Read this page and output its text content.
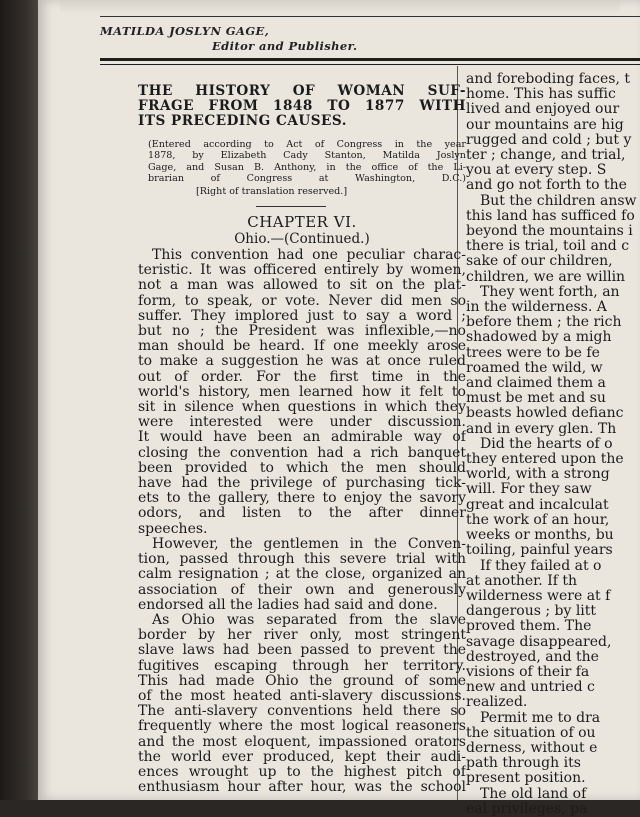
MATILDA JOSLYN GAGE,
Editor and Publisher.
THE HISTORY OF WOMAN SUF-
FRAGE FROM 1848 TO 1877 WITH
ITS PRECEDING CAUSES.
(Entered according to Act of Congress in the year
1878, by Elizabeth Cady Stanton, Matilda Joslyn
Gage, and Susan B. Anthony, in the office of the Li-
brarian of Congress at Washington, D.C.)
[Right of translation reserved.]
CHAPTER VI.
Ohio.—(Continued.)
This convention had one peculiar charac-
teristic. It was officered entirely by women,
not a man was allowed to sit on the plat-
form, to speak, or vote. Never did men so
suffer. They implored just to say a word ;
but no ; the President was inflexible,—no
man should be heard. If one meekly arose
to make a suggestion he was at once ruled
out of order. For the first time in the
world's history, men learned how it felt to
sit in silence when questions in which they
were interested were under discussion.
It would have been an admirable way of
closing the convention had a rich banquet
been provided to which the men should
have had the privilege of purchasing tick-
ets to the gallery, there to enjoy the savory
odors, and listen to the after dinner
speeches.
However, the gentlemen in the Conven-
tion, passed through this severe trial with
calm resignation ; at the close, organized an
association of their own and generously
endorsed all the ladies had said and done.
As Ohio was separated from the slave
border by her river only, most stringent
slave laws had been passed to prevent the
fugitives escaping through her territory.
This had made Ohio the ground of some
of the most heated anti-slavery discussions.
The anti-slavery conventions held there so
frequently where the most logical reasoners
and the most eloquent, impassioned orators
the world ever produced, kept their audi-
ences wrought up to the highest pitch of
enthusiasm hour after hour, was the school
and foreboding faces, t
home. This has suffic
lived and enjoyed our
our mountains are hig
rugged and cold ; but y
ter ; change, and trial,
you at every step. S
and go not forth to the
But the children answ
this land has sufficed fo
beyond the mountains i
there is trial, toil and c
sake of our children,
children, we are willin
They went forth, an
in the wilderness. A
before them ; the rich
shadowed by a migh
trees were to be fe
roamed the wild, w
and claimed them a
must be met and su
beasts howled defianc
and in every glen. Th
Did the hearts of o
they entered upon the
world, with a strong
will. For they saw
great and incalculat
the work of an hour,
weeks or months, bu
toiling, painful years
If they failed at o
at another. If th
wilderness were at f
dangerous ; by litt
proved them. The
savage disappeared,
destroyed, and the
visions of their fa
new and untried c
realized.
Permit me to dra
the situation of ou
derness, without e
path through its
present position.
The old land of
eal privileges, pa
